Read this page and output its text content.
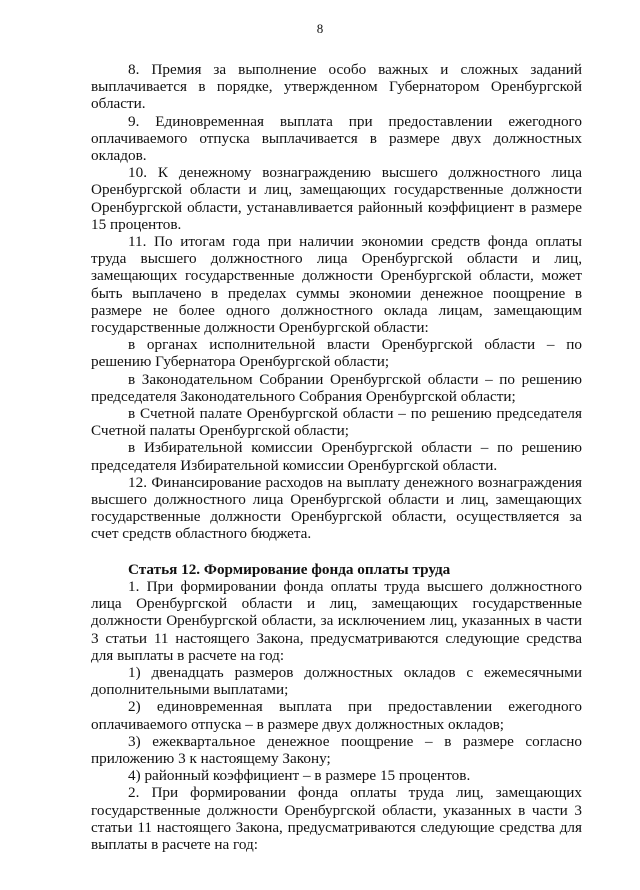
8

8. Премия за выполнение особо важных и сложных заданий выплачивается в порядке, утвержденном Губернатором Оренбургской области.

9. Единовременная выплата при предоставлении ежегодного оплачиваемого отпуска выплачивается в размере двух должностных окладов.

10. К денежному вознаграждению высшего должностного лица Оренбургской области и лиц, замещающих государственные должности Оренбургской области, устанавливается районный коэффициент в размере 15 процентов.

11. По итогам года при наличии экономии средств фонда оплаты труда высшего должностного лица Оренбургской области и лиц, замещающих государственные должности Оренбургской области, может быть выплачено в пределах суммы экономии денежное поощрение в размере не более одного должностного оклада лицам, замещающим государственные должности Оренбургской области:

в органах исполнительной власти Оренбургской области – по решению Губернатора Оренбургской области;

в Законодательном Собрании Оренбургской области – по решению председателя Законодательного Собрания Оренбургской области;

в Счетной палате Оренбургской области – по решению председателя Счетной палаты Оренбургской области;

в Избирательной комиссии Оренбургской области – по решению председателя Избирательной комиссии Оренбургской области.

12. Финансирование расходов на выплату денежного вознаграждения высшего должностного лица Оренбургской области и лиц, замещающих государственные должности Оренбургской области, осуществляется за счет средств областного бюджета.

Статья 12. Формирование фонда оплаты труда

1. При формировании фонда оплаты труда высшего должностного лица Оренбургской области и лиц, замещающих государственные должности Оренбургской области, за исключением лиц, указанных в части 3 статьи 11 настоящего Закона, предусматриваются следующие средства для выплаты в расчете на год:

1) двенадцать размеров должностных окладов с ежемесячными дополнительными выплатами;

2) единовременная выплата при предоставлении ежегодного оплачиваемого отпуска – в размере двух должностных окладов;

3) ежеквартальное денежное поощрение – в размере согласно приложению 3 к настоящему Закону;

4) районный коэффициент – в размере 15 процентов.

2. При формировании фонда оплаты труда лиц, замещающих государственные должности Оренбургской области, указанных в части 3 статьи 11 настоящего Закона, предусматриваются следующие средства для выплаты в расчете на год:
